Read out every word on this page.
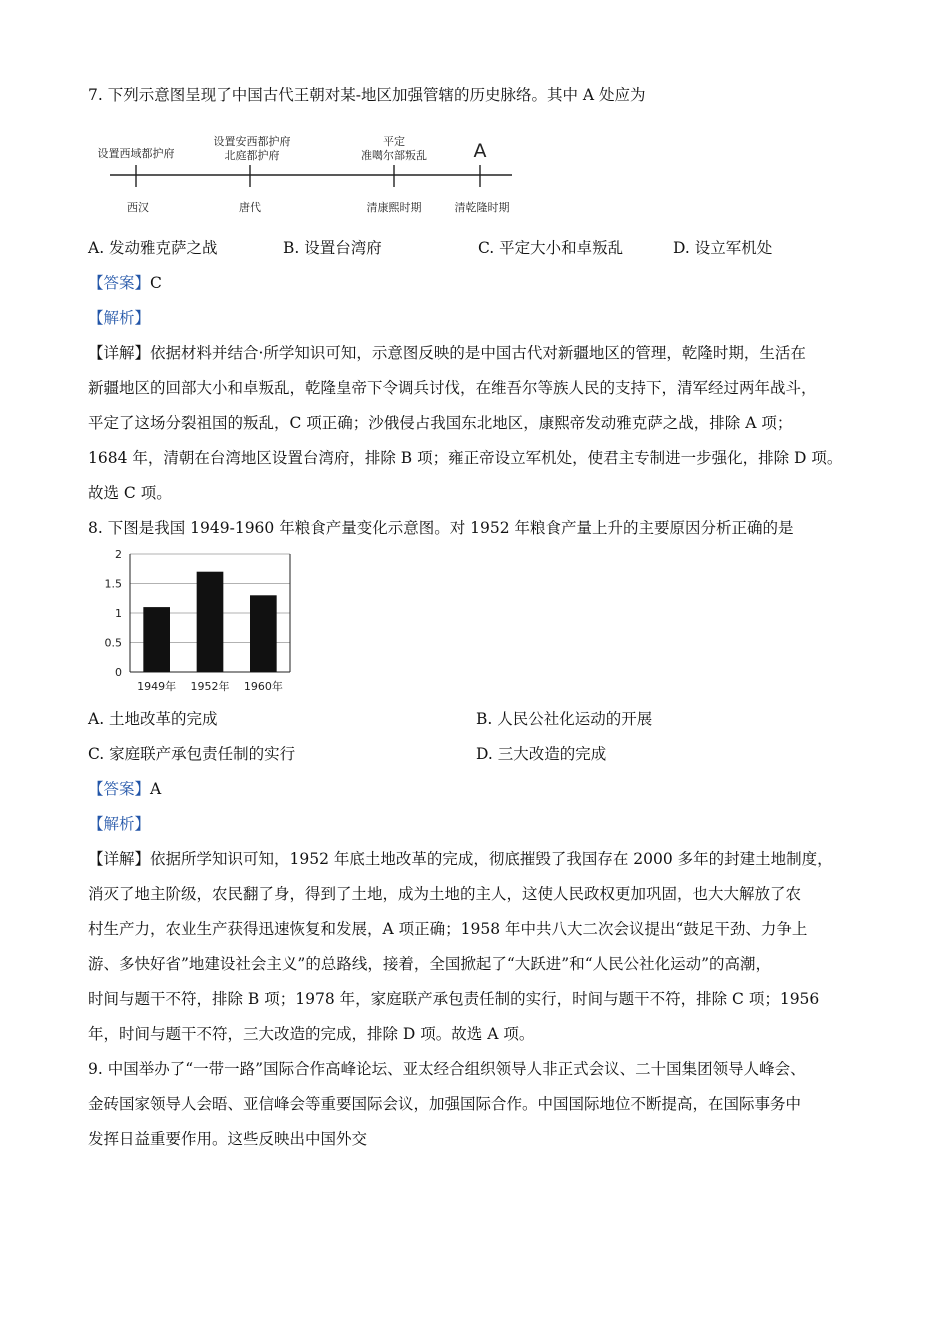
7. 下列示意图呈现了中国古代王朝对某-地区加强管辖的历史脉络。其中 A 处应为
设置西域都护府
设置安西都护府
北庭都护府
平定
准噶尔部叛乱 A
西汉	唐代	清康熙时期	清乾隆时期
A. 发动雅克萨之战	B. 设置台湾府	C. 平定大小和卓叛乱	D. 设立军机处
【答案】C
【解析】
【详解】依据材料并结合·所学知识可知，示意图反映的是中国古代对新疆地区的管理，乾隆时期，生活在
新疆地区的回部大小和卓叛乱，乾隆皇帝下令调兵讨伐，在维吾尔等族人民的支持下，清军经过两年战斗，
平定了这场分裂祖国的叛乱，C 项正确；沙俄侵占我国东北地区，康熙帝发动雅克萨之战，排除 A 项；
1684 年，清朝在台湾地区设置台湾府，排除 B 项；雍正帝设立军机处，使君主专制进一步强化，排除 D 项。
故选 C 项。
8. 下图是我国 1949-1960 年粮食产量变化示意图。对 1952 年粮食产量上升的主要原因分析正确的是
0
0.5
1
1.5
2
1949年 1952年 1960年
A. 土地改革的完成	B. 人民公社化运动的开展
C. 家庭联产承包责任制的实行	D. 三大改造的完成
【答案】A
【解析】
【详解】依据所学知识可知，1952 年底土地改革的完成，彻底摧毁了我国存在 2000 多年的封建土地制度，
消灭了地主阶级，农民翻了身，得到了土地，成为土地的主人，这使人民政权更加巩固，也大大解放了农
村生产力，农业生产获得迅速恢复和发展，A 项正确；1958 年中共八大二次会议提出“鼓足干劲、力争上
游、多快好省”地建设社会主义”的总路线，接着，全国掀起了“大跃进”和“人民公社化运动”的高潮，
时间与题干不符，排除 B 项；1978 年，家庭联产承包责任制的实行，时间与题干不符，排除 C 项；1956
年，时间与题干不符，三大改造的完成，排除 D 项。故选 A 项。
9. 中国举办了“一带一路”国际合作高峰论坛、亚太经合组织领导人非正式会议、二十国集团领导人峰会、
金砖国家领导人会晤、亚信峰会等重要国际会议，加强国际合作。中国国际地位不断提高，在国际事务中
发挥日益重要作用。这些反映出中国外交
